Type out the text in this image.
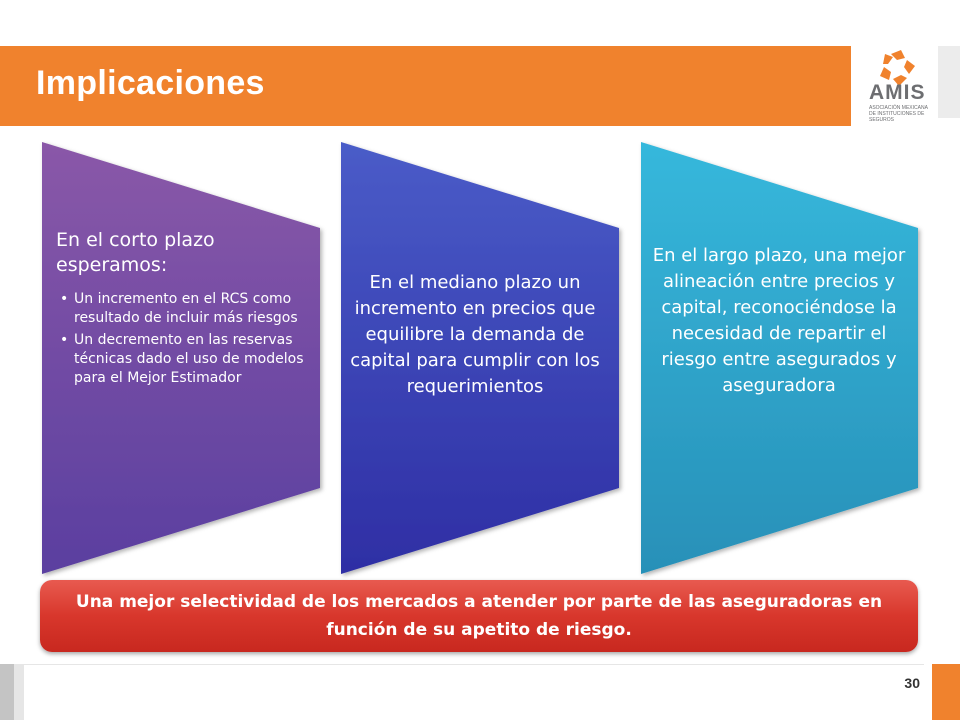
Implicaciones	AMIS
ASOCIACIÓN MEXICANA DE INSTITUCIONES DE SEGUROS
En el corto plazo esperamos:
• Un incremento en el RCS como resultado de incluir más riesgos
• Un decremento en las reservas técnicas dado el uso de modelos para el Mejor Estimador
En el mediano plazo un incremento en precios que equilibre la demanda de capital para cumplir con los requerimientos
En el largo plazo, una mejor alineación entre precios y capital, reconociéndose la necesidad de repartir el riesgo entre asegurados y aseguradora
Una mejor selectividad de los mercados a atender por parte de las aseguradoras en función de su apetito de riesgo.
30
